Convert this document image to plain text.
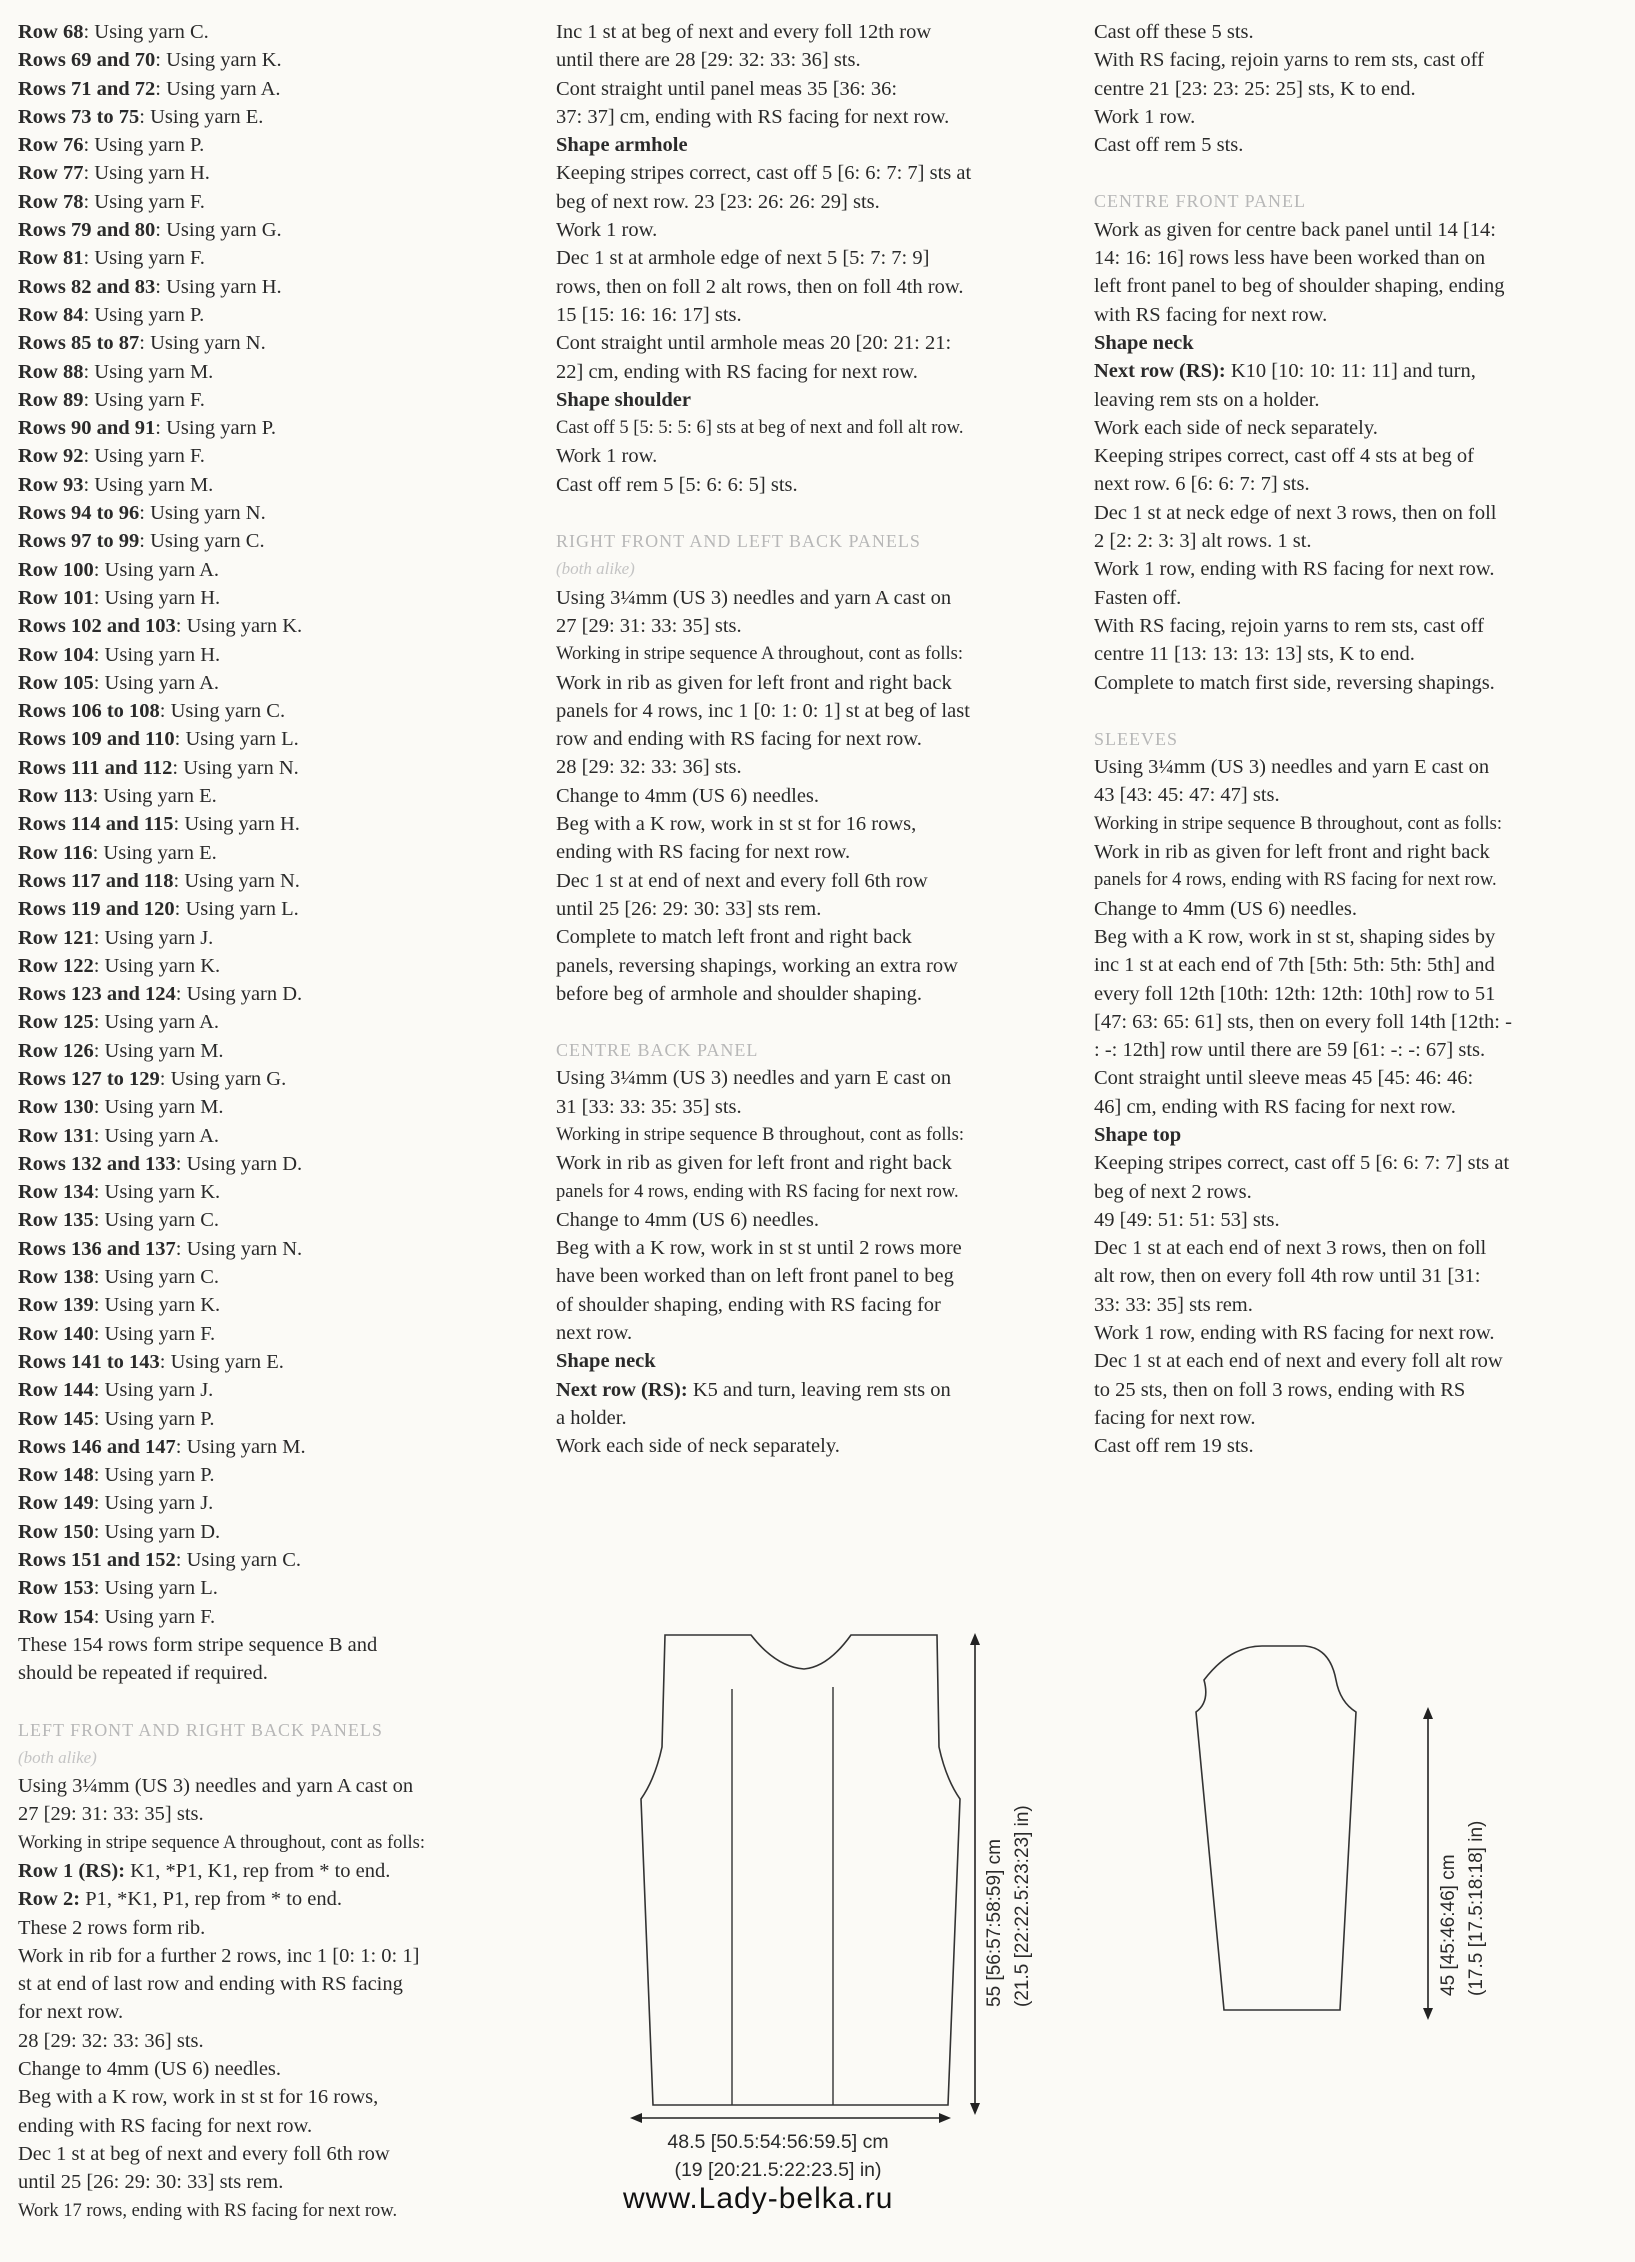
Row 68: Using yarn C.
Rows 69 and 70: Using yarn K.
Rows 71 and 72: Using yarn A.
Rows 73 to 75: Using yarn E.
Row 76: Using yarn P.
Row 77: Using yarn H.
Row 78: Using yarn F.
Rows 79 and 80: Using yarn G.
Row 81: Using yarn F.
Rows 82 and 83: Using yarn H.
Row 84: Using yarn P.
Rows 85 to 87: Using yarn N.
Row 88: Using yarn M.
Row 89: Using yarn F.
Rows 90 and 91: Using yarn P.
Row 92: Using yarn F.
Row 93: Using yarn M.
Rows 94 to 96: Using yarn N.
Rows 97 to 99: Using yarn C.
Row 100: Using yarn A.
Row 101: Using yarn H.
Rows 102 and 103: Using yarn K.
Row 104: Using yarn H.
Row 105: Using yarn A.
Rows 106 to 108: Using yarn C.
Rows 109 and 110: Using yarn L.
Rows 111 and 112: Using yarn N.
Row 113: Using yarn E.
Rows 114 and 115: Using yarn H.
Row 116: Using yarn E.
Rows 117 and 118: Using yarn N.
Rows 119 and 120: Using yarn L.
Row 121: Using yarn J.
Row 122: Using yarn K.
Rows 123 and 124: Using yarn D.
Row 125: Using yarn A.
Row 126: Using yarn M.
Rows 127 to 129: Using yarn G.
Row 130: Using yarn M.
Row 131: Using yarn A.
Rows 132 and 133: Using yarn D.
Row 134: Using yarn K.
Row 135: Using yarn C.
Rows 136 and 137: Using yarn N.
Row 138: Using yarn C.
Row 139: Using yarn K.
Row 140: Using yarn F.
Rows 141 to 143: Using yarn E.
Row 144: Using yarn J.
Row 145: Using yarn P.
Rows 146 and 147: Using yarn M.
Row 148: Using yarn P.
Row 149: Using yarn J.
Row 150: Using yarn D.
Rows 151 and 152: Using yarn C.
Row 153: Using yarn L.
Row 154: Using yarn F.
These 154 rows form stripe sequence B and
should be repeated if required.
LEFT FRONT AND RIGHT BACK PANELS
(both alike)
Using 3¼mm (US 3) needles and yarn A cast on
27 [29: 31: 33: 35] sts.
Working in stripe sequence A throughout, cont as folls:
Row 1 (RS): K1, *P1, K1, rep from * to end.
Row 2: P1, *K1, P1, rep from * to end.
These 2 rows form rib.
Work in rib for a further 2 rows, inc 1 [0: 1: 0: 1]
st at end of last row and ending with RS facing
for next row.
28 [29: 32: 33: 36] sts.
Change to 4mm (US 6) needles.
Beg with a K row, work in st st for 16 rows,
ending with RS facing for next row.
Dec 1 st at beg of next and every foll 6th row
until 25 [26: 29: 30: 33] sts rem.
Work 17 rows, ending with RS facing for next row.
Inc 1 st at beg of next and every foll 12th row
until there are 28 [29: 32: 33: 36] sts.
Cont straight until panel meas 35 [36: 36:
37: 37] cm, ending with RS facing for next row.
Shape armhole
Keeping stripes correct, cast off 5 [6: 6: 7: 7] sts at
beg of next row. 23 [23: 26: 26: 29] sts.
Work 1 row.
Dec 1 st at armhole edge of next 5 [5: 7: 7: 9]
rows, then on foll 2 alt rows, then on foll 4th row.
15 [15: 16: 16: 17] sts.
Cont straight until armhole meas 20 [20: 21: 21:
22] cm, ending with RS facing for next row.
Shape shoulder
Cast off 5 [5: 5: 5: 6] sts at beg of next and foll alt row.
Work 1 row.
Cast off rem 5 [5: 6: 6: 5] sts.
RIGHT FRONT AND LEFT BACK PANELS
(both alike)
Using 3¼mm (US 3) needles and yarn A cast on
27 [29: 31: 33: 35] sts.
Working in stripe sequence A throughout, cont as folls:
Work in rib as given for left front and right back
panels for 4 rows, inc 1 [0: 1: 0: 1] st at beg of last
row and ending with RS facing for next row.
28 [29: 32: 33: 36] sts.
Change to 4mm (US 6) needles.
Beg with a K row, work in st st for 16 rows,
ending with RS facing for next row.
Dec 1 st at end of next and every foll 6th row
until 25 [26: 29: 30: 33] sts rem.
Complete to match left front and right back
panels, reversing shapings, working an extra row
before beg of armhole and shoulder shaping.
CENTRE BACK PANEL
Using 3¼mm (US 3) needles and yarn E cast on
31 [33: 33: 35: 35] sts.
Working in stripe sequence B throughout, cont as folls:
Work in rib as given for left front and right back
panels for 4 rows, ending with RS facing for next row.
Change to 4mm (US 6) needles.
Beg with a K row, work in st st until 2 rows more
have been worked than on left front panel to beg
of shoulder shaping, ending with RS facing for
next row.
Shape neck
Next row (RS): K5 and turn, leaving rem sts on
a holder.
Work each side of neck separately.
Cast off these 5 sts.
With RS facing, rejoin yarns to rem sts, cast off
centre 21 [23: 23: 25: 25] sts, K to end.
Work 1 row.
Cast off rem 5 sts.
CENTRE FRONT PANEL
Work as given for centre back panel until 14 [14:
14: 16: 16] rows less have been worked than on
left front panel to beg of shoulder shaping, ending
with RS facing for next row.
Shape neck
Next row (RS): K10 [10: 10: 11: 11] and turn,
leaving rem sts on a holder.
Work each side of neck separately.
Keeping stripes correct, cast off 4 sts at beg of
next row. 6 [6: 6: 7: 7] sts.
Dec 1 st at neck edge of next 3 rows, then on foll
2 [2: 2: 3: 3] alt rows. 1 st.
Work 1 row, ending with RS facing for next row.
Fasten off.
With RS facing, rejoin yarns to rem sts, cast off
centre 11 [13: 13: 13: 13] sts, K to end.
Complete to match first side, reversing shapings.
SLEEVES
Using 3¼mm (US 3) needles and yarn E cast on
43 [43: 45: 47: 47] sts.
Working in stripe sequence B throughout, cont as folls:
Work in rib as given for left front and right back
panels for 4 rows, ending with RS facing for next row.
Change to 4mm (US 6) needles.
Beg with a K row, work in st st, shaping sides by
inc 1 st at each end of 7th [5th: 5th: 5th: 5th] and
every foll 12th [10th: 12th: 12th: 10th] row to 51
[47: 63: 65: 61] sts, then on every foll 14th [12th: -
: -: 12th] row until there are 59 [61: -: -: 67] sts.
Cont straight until sleeve meas 45 [45: 46: 46:
46] cm, ending with RS facing for next row.
Shape top
Keeping stripes correct, cast off 5 [6: 6: 7: 7] sts at
beg of next 2 rows.
49 [49: 51: 51: 53] sts.
Dec 1 st at each end of next 3 rows, then on foll
alt row, then on every foll 4th row until 31 [31:
33: 33: 35] sts rem.
Work 1 row, ending with RS facing for next row.
Dec 1 st at each end of next and every foll alt row
to 25 sts, then on foll 3 rows, ending with RS
facing for next row.
Cast off rem 19 sts.
55 [56:57:58:59] cm (21.5 [22:22.5:23:23] in)
48.5 [50.5:54:56:59.5] cm
(19 [20:21.5:22:23.5] in)
45 [45:46:46] cm (17.5 [17.5:18:18] in)
www.Lady-belka.ru
